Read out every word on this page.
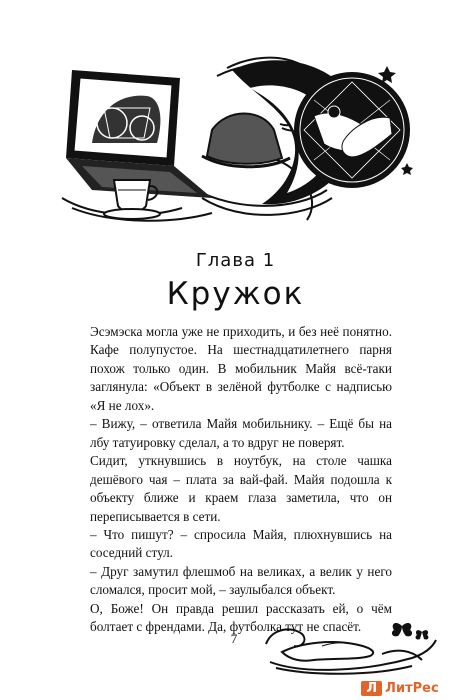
Глава 1
Кружок

Эсэмэска могла уже не приходить, и без неё понятно. Кафе полупустое. На шестнадцатилетнего парня похож только один. В мобильник Майя всё-таки заглянула: «Объект в зелёной футболке с надписью «Я не лох».

– Вижу, – ответила Майя мобильнику. – Ещё бы на лбу татуировку сделал, а то вдруг не поверят.

Сидит, уткнувшись в ноутбук, на столе чашка дешёвого чая – плата за вай-фай. Майя подошла к объекту ближе и краем глаза заметила, что он переписывается в сети.

– Что пишут? – спросила Майя, плюхнувшись на соседний стул.

– Друг замутил флешмоб на великах, а велик у него сломался, просит мой, – заулыбался объект.

О, Боже! Он правда решил рассказать ей, о чём болтает с френдами. Да, футболка тут не спасёт.

7
Л ЛитРес
